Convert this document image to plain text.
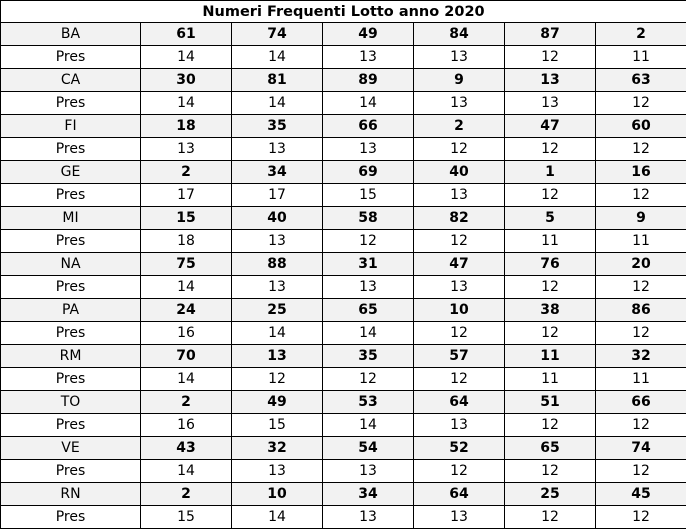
Numeri Frequenti Lotto anno 2020						
BA	61	74	49	84	87	2
Pres	14	14	13	13	12	11
CA	30	81	89	9	13	63
Pres	14	14	14	13	13	12
FI	18	35	66	2	47	60
Pres	13	13	13	12	12	12
GE	2	34	69	40	1	16
Pres	17	17	15	13	12	12
MI	15	40	58	82	5	9
Pres	18	13	12	12	11	11
NA	75	88	31	47	76	20
Pres	14	13	13	13	12	12
PA	24	25	65	10	38	86
Pres	16	14	14	12	12	12
RM	70	13	35	57	11	32
Pres	14	12	12	12	11	11
TO	2	49	53	64	51	66
Pres	16	15	14	13	12	12
VE	43	32	54	52	65	74
Pres	14	13	13	12	12	12
RN	2	10	34	64	25	45
Pres	15	14	13	13	12	12
